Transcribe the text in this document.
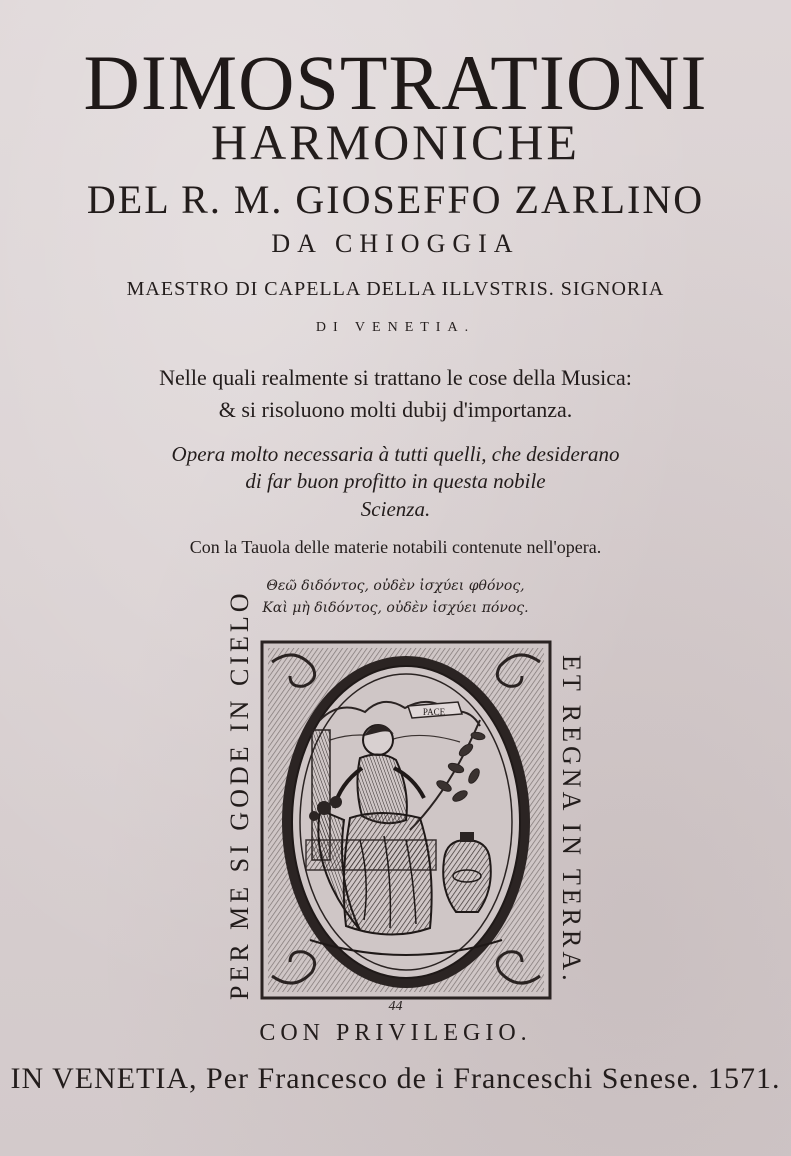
DIMOSTRATIONI
HARMONICHE
DEL R. M. GIOSEFFO ZARLINO
DA CHIOGGIA
MAESTRO DI CAPELLA DELLA ILLVSTRIS. SIGNORIA
DI VENETIA.
Nelle quali realmente si trattano le cose della Musica:
& si risoluono molti dubij d'importanza.
Opera molto necessaria à tutti quelli, che desiderano
di far buon profitto in questa nobile
Scienza.
Con la Tauola delle materie notabili contenute nell'opera.
Θεῶ διδόντος, οὐδὲν ἰσχύει φθόνος,
Καὶ μὴ διδόντος, οὐδὲν ἰσχύει πόνος.
PER ME SI GODE IN CIELO	ET REGNA IN TERRA.
PACE
44
CON PRIVILEGIO.
IN VENETIA, Per Francesco de i Franceschi Senese. 1571.
